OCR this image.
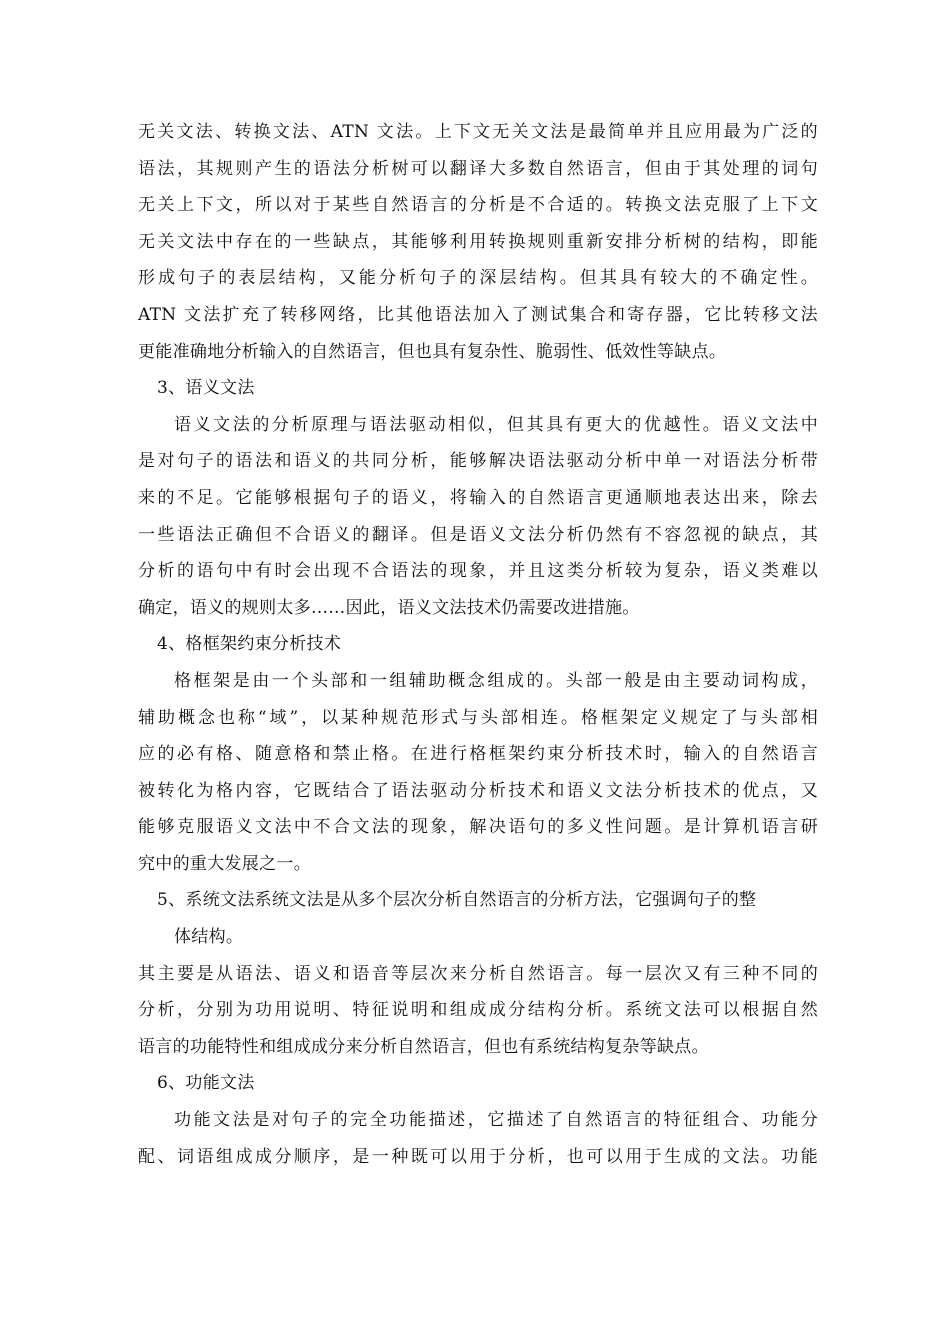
无关文法、转换文法、ATN 文法。上下文无关文法是最简单并且应用最为广泛的
语法，其规则产生的语法分析树可以翻译大多数自然语言，但由于其处理的词句
无关上下文，所以对于某些自然语言的分析是不合适的。转换文法克服了上下文
无关文法中存在的一些缺点，其能够利用转换规则重新安排分析树的结构，即能
形成句子的表层结构，又能分析句子的深层结构。但其具有较大的不确定性。
ATN 文法扩充了转移网络，比其他语法加入了测试集合和寄存器，它比转移文法
更能准确地分析输入的自然语言，但也具有复杂性、脆弱性、低效性等缺点。
3、语义文法
语义文法的分析原理与语法驱动相似，但其具有更大的优越性。语义文法中
是对句子的语法和语义的共同分析，能够解决语法驱动分析中单一对语法分析带
来的不足。它能够根据句子的语义，将输入的自然语言更通顺地表达出来，除去
一些语法正确但不合语义的翻译。但是语义文法分析仍然有不容忽视的缺点，其
分析的语句中有时会出现不合语法的现象，并且这类分析较为复杂，语义类难以
确定，语义的规则太多……因此，语义文法技术仍需要改进措施。
4、格框架约束分析技术
格框架是由一个头部和一组辅助概念组成的。头部一般是由主要动词构成，
辅助概念也称“域”，以某种规范形式与头部相连。格框架定义规定了与头部相
应的必有格、随意格和禁止格。在进行格框架约束分析技术时，输入的自然语言
被转化为格内容，它既结合了语法驱动分析技术和语义文法分析技术的优点，又
能够克服语义文法中不合文法的现象，解决语句的多义性问题。是计算机语言研
究中的重大发展之一。
5、系统文法系统文法是从多个层次分析自然语言的分析方法，它强调句子的整
体结构。
其主要是从语法、语义和语音等层次来分析自然语言。每一层次又有三种不同的
分析，分别为功用说明、特征说明和组成成分结构分析。系统文法可以根据自然
语言的功能特性和组成成分来分析自然语言，但也有系统结构复杂等缺点。
6、功能文法
功能文法是对句子的完全功能描述，它描述了自然语言的特征组合、功能分
配、词语组成成分顺序，是一种既可以用于分析，也可以用于生成的文法。功能
